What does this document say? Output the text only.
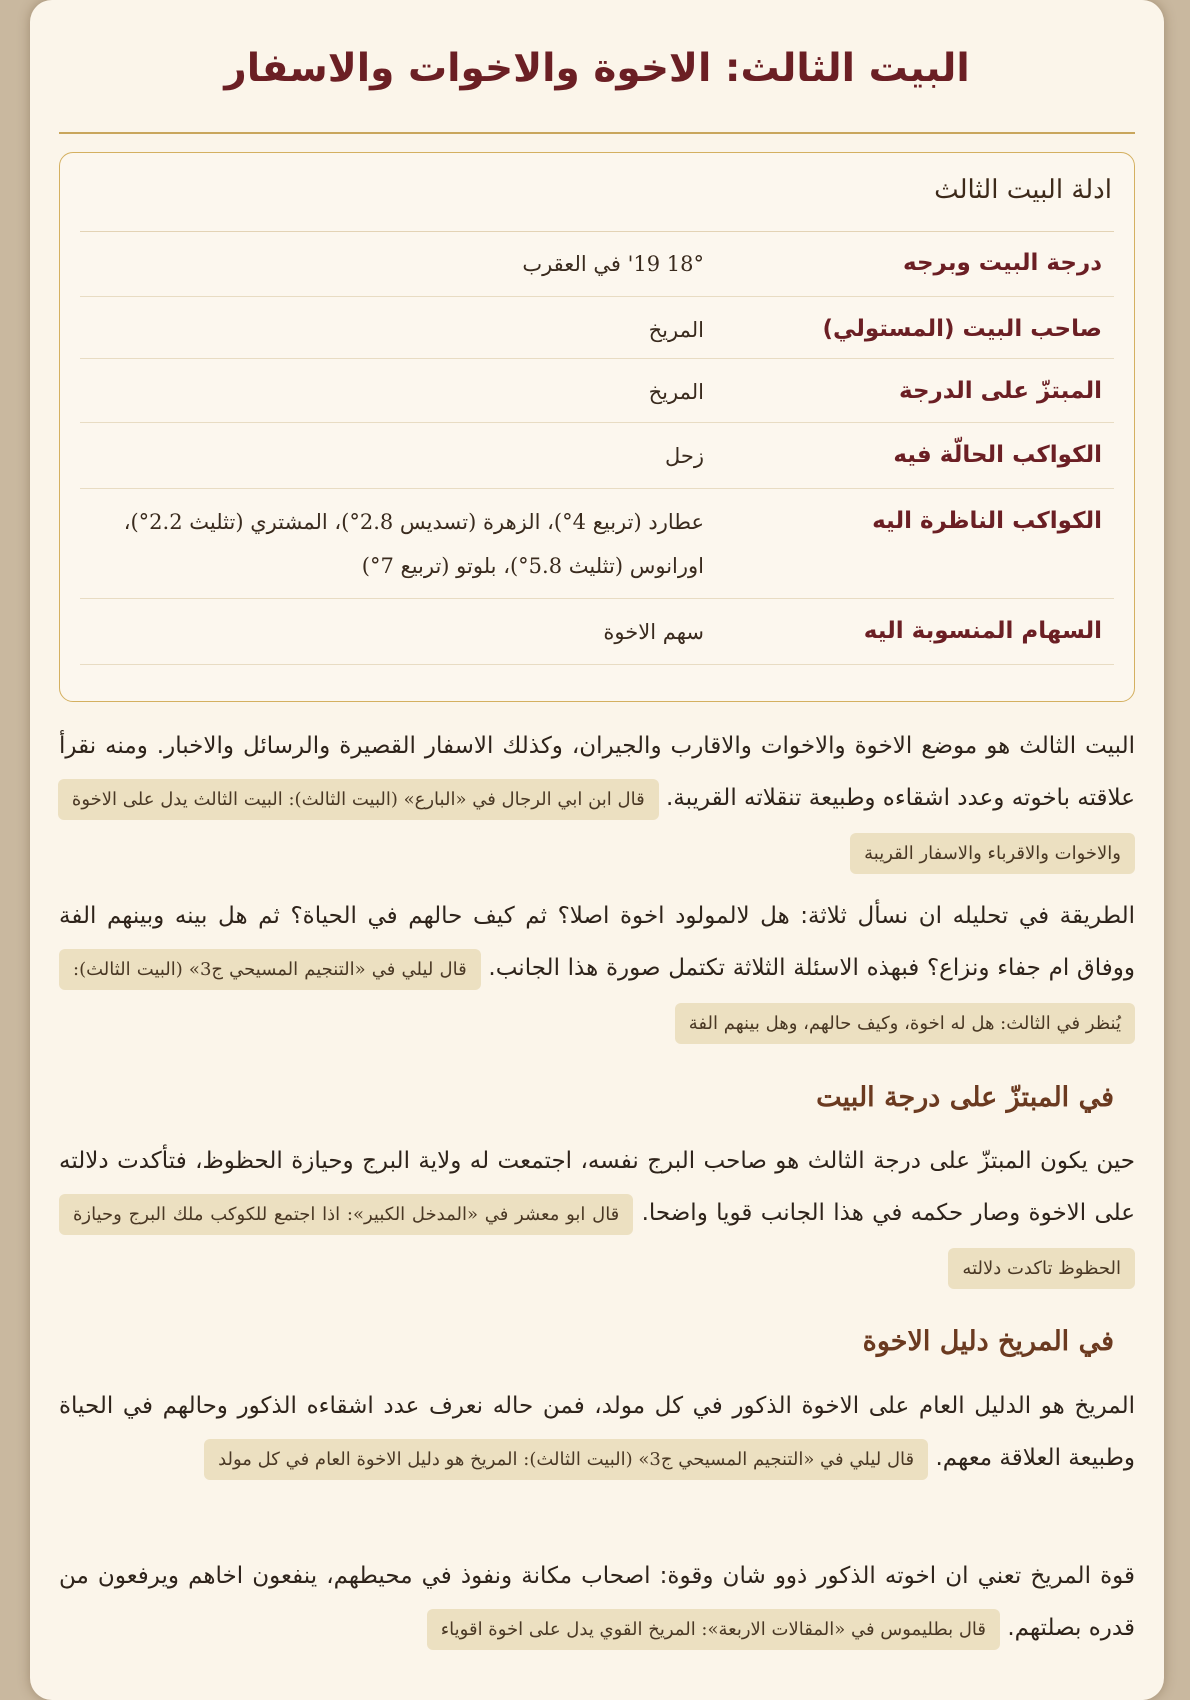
البيت الثالث: الاخوة والاخوات والاسفار
ادلة البيت الثالث
درجة البيت وبرجه
18° 19' في العقرب
صاحب البيت (المستولي)
المريخ
المبتزّ على الدرجة
المريخ
الكواكب الحالّة فيه
زحل
الكواكب الناظرة اليه
عطارد (تربيع 4°)، الزهرة (تسديس 2.8°)، المشتري (تثليث 2.2°)، اورانوس (تثليث 5.8°)، بلوتو (تربيع 7°)
السهام المنسوبة اليه
سهم الاخوة
البيت الثالث هو موضع الاخوة والاخوات والاقارب والجيران، وكذلك الاسفار القصيرة والرسائل والاخبار. ومنه نقرأ علاقته باخوته وعدد اشقاءه وطبيعة تنقلاته القريبة. قال ابن ابي الرجال في «البارع» (البيت الثالث): البيت الثالث يدل على الاخوة والاخوات والاقرباء والاسفار القريبة
الطريقة في تحليله ان نسأل ثلاثة: هل لالمولود اخوة اصلا؟ ثم كيف حالهم في الحياة؟ ثم هل بينه وبينهم الفة ووفاق ام جفاء ونزاع؟ فبهذه الاسئلة الثلاثة تكتمل صورة هذا الجانب. قال ليلي في «التنجيم المسيحي ج3» (البيت الثالث): يُنظر في الثالث: هل له اخوة، وكيف حالهم، وهل بينهم الفة
في المبتزّ على درجة البيت
حين يكون المبتزّ على درجة الثالث هو صاحب البرج نفسه، اجتمعت له ولاية البرج وحيازة الحظوظ، فتأكدت دلالته على الاخوة وصار حكمه في هذا الجانب قويا واضحا. قال ابو معشر في «المدخل الكبير»: اذا اجتمع للكوكب ملك البرج وحيازة الحظوظ تاكدت دلالته
في المريخ دليل الاخوة
المريخ هو الدليل العام على الاخوة الذكور في كل مولد، فمن حاله نعرف عدد اشقاءه الذكور وحالهم في الحياة وطبيعة العلاقة معهم. قال ليلي في «التنجيم المسيحي ج3» (البيت الثالث): المريخ هو دليل الاخوة العام في كل مولد
قوة المريخ تعني ان اخوته الذكور ذوو شان وقوة: اصحاب مكانة ونفوذ في محيطهم، ينفعون اخاهم ويرفعون من قدره بصلتهم. قال بطليموس في «المقالات الاربعة»: المريخ القوي يدل على اخوة اقوياء
